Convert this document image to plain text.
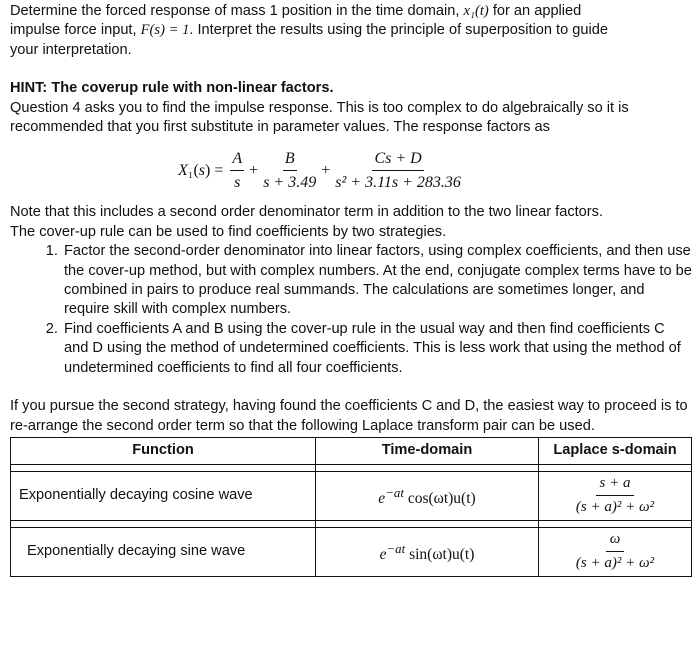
Determine the forced response of mass 1 position in the time domain, x₁(t) for an applied
impulse force input, F(s) = 1. Interpret the results using the principle of superposition to guide
your interpretation.

HINT: The coverup rule with non-linear factors.
Question 4 asks you to find the impulse response. This is too complex to do algebraically so it is
recommended that you first substitute in parameter values. The response factors as

$X_1(s) = \frac{A}{s} + \frac{B}{s + 3.49} + \frac{Cs + D}{\text{s² + 3.11s + 283.36}}$

Note that this includes a second order denominator term in addition to the two linear factors.
The cover-up rule can be used to find coefficients by two strategies.

1. Factor the second-order denominator into linear factors, using complex coefficients, and then use the cover-up method, but with complex numbers. At the end, conjugate complex terms have to be combined in pairs to produce real summands. The calculations are sometimes longer, and require skill with complex numbers.
2. Find coefficients A and B using the cover-up rule in the usual way and then find coefficients C and D using the method of undetermined coefficients. This is less work that using the method of undetermined coefficients to find all four coefficients.

If you pursue the second strategy, having found the coefficients C and D, the easiest way to proceed is to re-arrange the second order term so that the following Laplace transform pair can be used.

Function	Time-domain	Laplace s-domain

Exponentially decaying cosine wave	$e^{-at}$ cos(ωt)u(t)	$\frac{s + a}{\text{(s + a)² + ω²}}$

Exponentially decaying sine wave	$e^{-at}$ sin(ωt)u(t)	$\frac{\omega}{\text{(s + a)² + ω²}}$
